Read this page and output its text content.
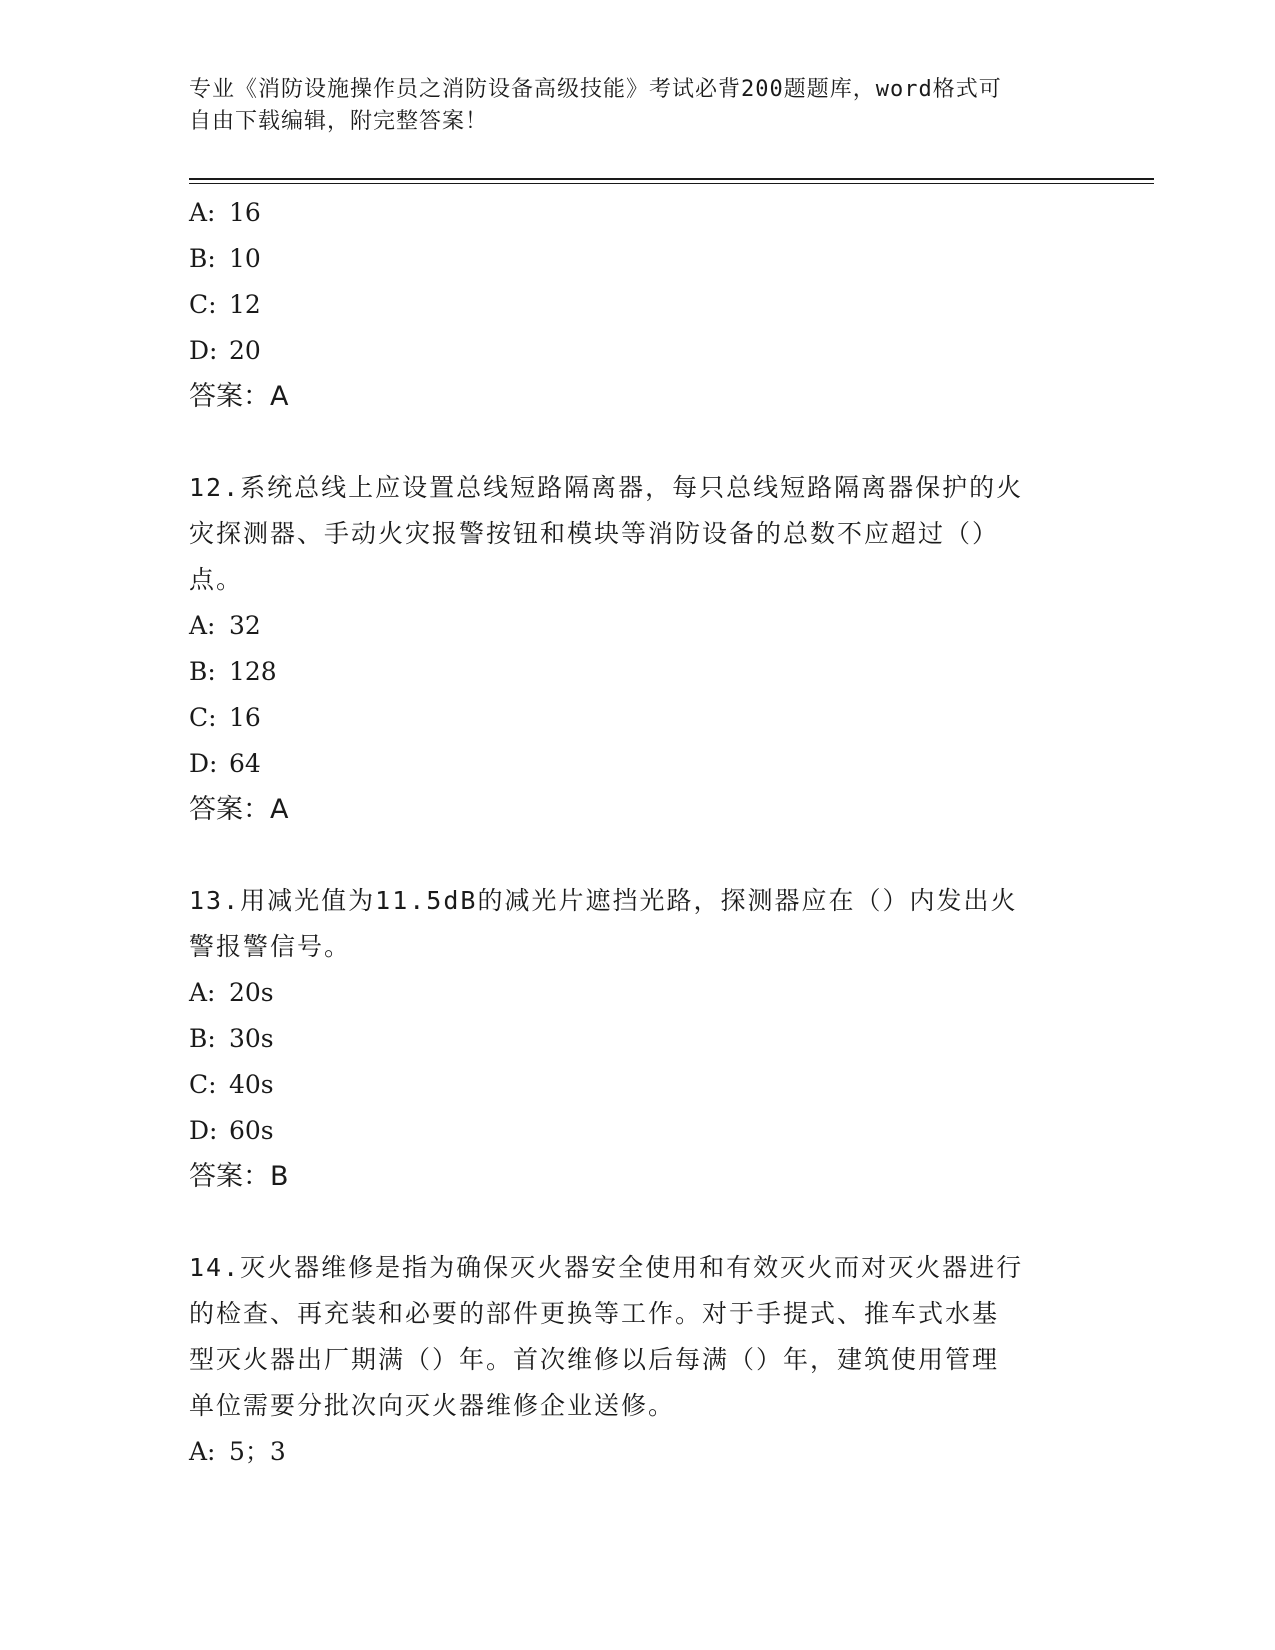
专业《消防设施操作员之消防设备高级技能》考试必背200题题库，word格式可
自由下载编辑，附完整答案！
A: 16
B: 10
C: 12
D: 20
答案：A
12.系统总线上应设置总线短路隔离器，每只总线短路隔离器保护的火
灾探测器、手动火灾报警按钮和模块等消防设备的总数不应超过（）
点。
A: 32
B: 128
C: 16
D: 64
答案：A
13.用减光值为11.5dB的减光片遮挡光路，探测器应在（）内发出火
警报警信号。
A: 20s
B: 30s
C: 40s
D: 60s
答案：B
14.灭火器维修是指为确保灭火器安全使用和有效灭火而对灭火器进行
的检查、再充装和必要的部件更换等工作。对于手提式、推车式水基
型灭火器出厂期满（）年。首次维修以后每满（）年，建筑使用管理
单位需要分批次向灭火器维修企业送修。
A: 5；3
